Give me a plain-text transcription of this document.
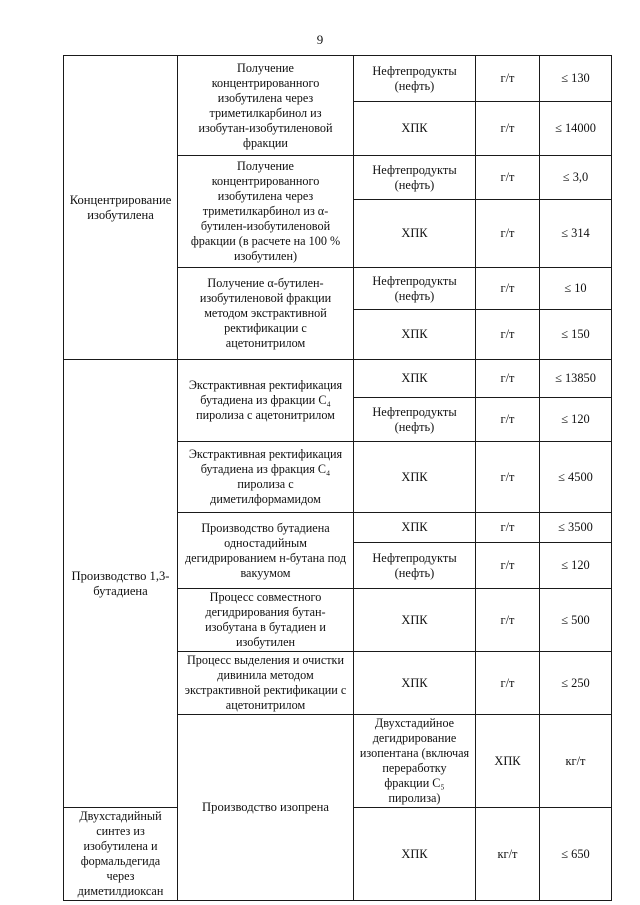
9
Концентрирование изобутилена	Получение концентрированного изобутилена через триметилкарбинол из изобутан-изобутиленовой фракции	Нефтепродукты (нефть)	г/т	≤ 130	
		ХПК	г/т	≤ 14000	
	Получение концентрированного изобутилена через триметилкарбинол из α-бутилен-изобутиленовой фракции (в расчете на 100 % изобутилен)	Нефтепродукты (нефть)	г/т	≤ 3,0	
		ХПК	г/т	≤ 314	
	Получение α-бутилен-изобутиленовой фракции методом экстрактивной ректификации с ацетонитрилом	Нефтепродукты (нефть)	г/т	≤ 10	
		ХПК	г/т	≤ 150	
Производство 1,3-бутадиена	Экстрактивная ректификация бутадиена из фракции C₄ пиролиза с ацетонитрилом	ХПК	г/т	≤ 13850	
		Нефтепродукты (нефть)	г/т	≤ 120	
	Экстрактивная ректификация бутадиена из фракция C₄ пиролиза с диметилформамидом	ХПК	г/т	≤ 4500	
	Производство бутадиена одностадийным дегидрированием н-бутана под вакуумом	ХПК	г/т	≤ 3500	
		Нефтепродукты (нефть)	г/т	≤ 120	
	Процесс совместного дегидрирования бутан-изобутана в бутадиен и изобутилен	ХПК	г/т	≤ 500	
	Процесс выделения и очистки дивинила методом экстрактивной ректификации с ацетонитрилом	ХПК	г/т	≤ 250	
	Производство изопрена	Двухстадийное дегидрирование изопентана (включая переработку фракции C₅ пиролиза)	ХПК	кг/т	
Двухстадийный синтез из изобутилена и формальдегида через диметилдиоксан		ХПК	кг/т	≤ 650	
